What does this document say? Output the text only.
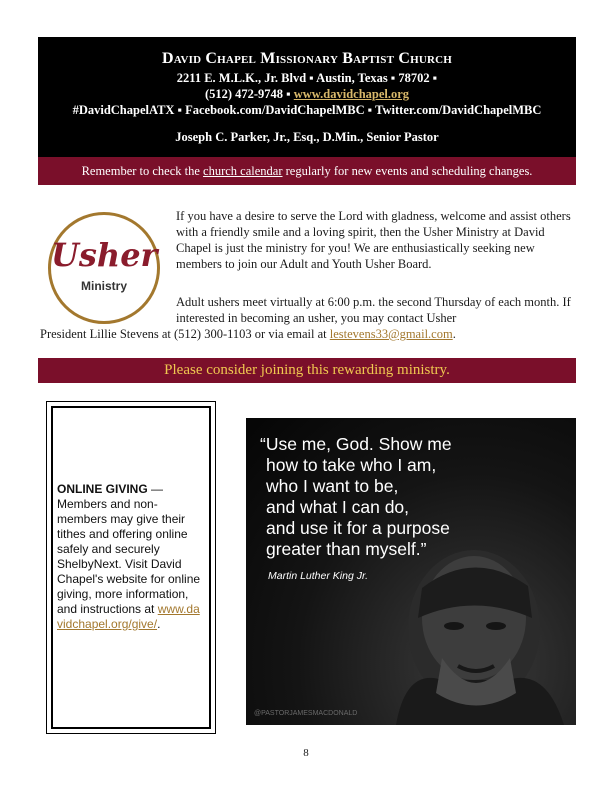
David Chapel Missionary Baptist Church
2211 E. M.L.K., Jr. Blvd ▪ Austin, Texas ▪ 78702 ▪
(512) 472-9748 ▪ www.davidchapel.org
#DavidChapelATX ▪ Facebook.com/DavidChapelMBC ▪ Twitter.com/DavidChapelMBC
Joseph C. Parker, Jr., Esq., D.Min., Senior Pastor
Remember to check the church calendar regularly for new events and scheduling changes.
Usher
Ministry

If you have a desire to serve the Lord with gladness, welcome and assist others with a friendly smile and a loving spirit, then the Usher Ministry at David Chapel is just the ministry for you! We are enthusiastically seeking new members to join our Adult and Youth Usher Board.

Adult ushers meet virtually at 6:00 p.m. the second Thursday of each month. If interested in becoming an usher, you may contact Usher

President Lillie Stevens at (512) 300-1103 or via email at lestevens33@gmail.com.

Please consider joining this rewarding ministry.

ONLINE GIVING — Members and non-members may give their tithes and offering online safely and securely ShelbyNext. Visit David Chapel's website for online giving, more information, and instructions at www.davidchapel.org/give/.

“Use me, God. Show me
how to take who I am,
who I want to be,
and what I can do,
and use it for a purpose
greater than myself.”

Martin Luther King Jr.

@PASTORJAMESMACDONALD

8
